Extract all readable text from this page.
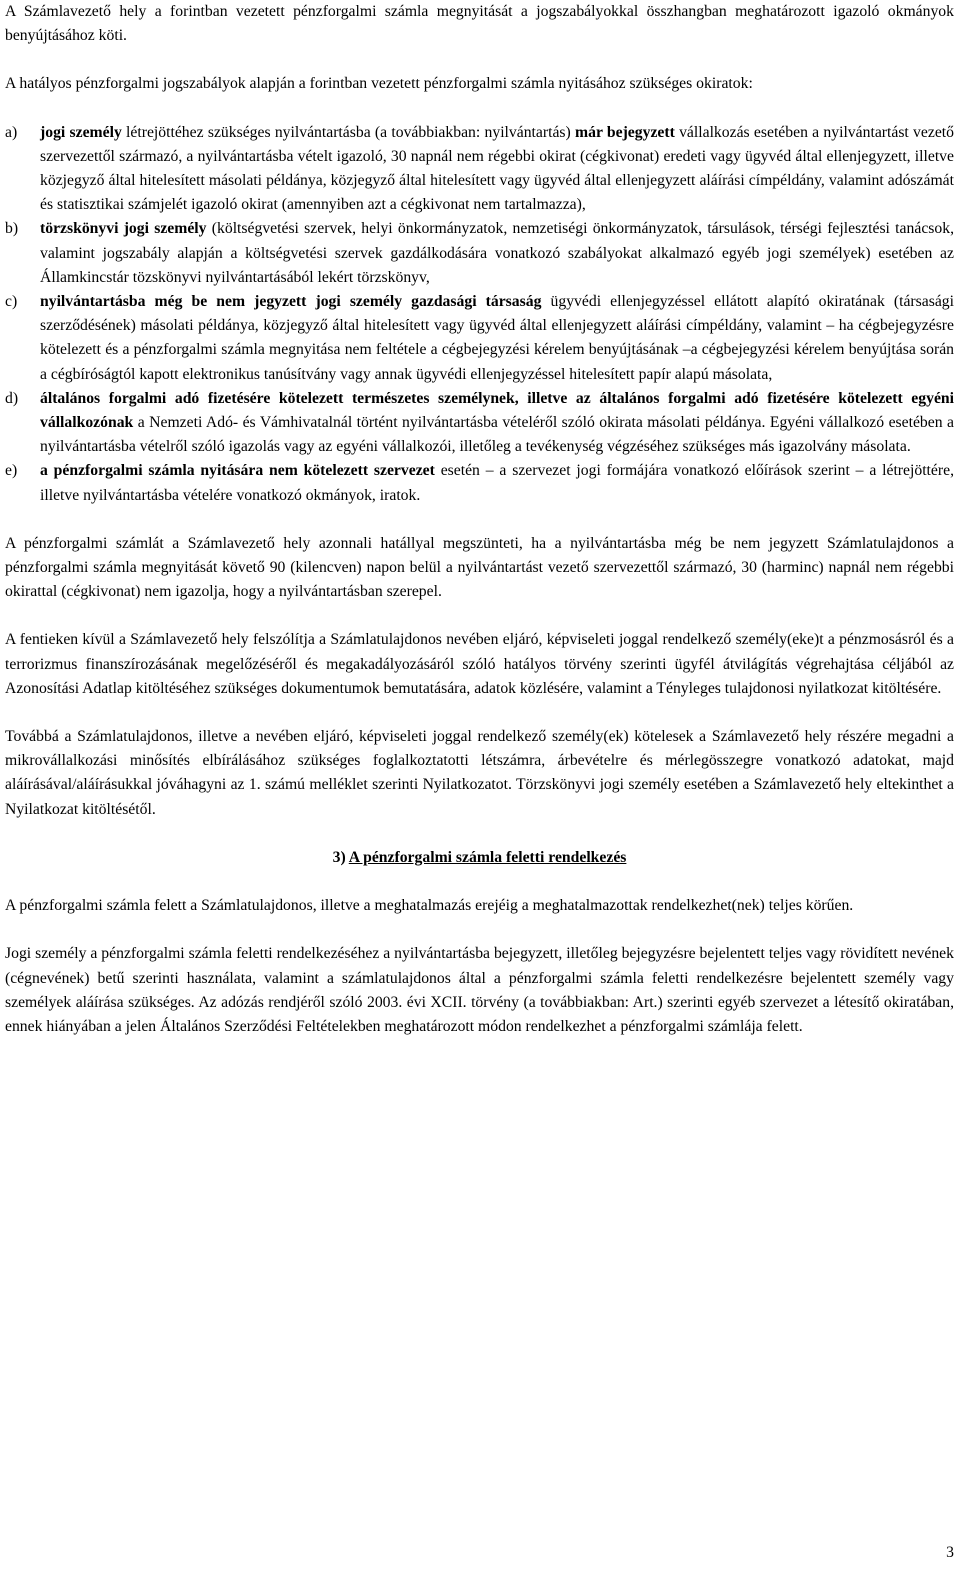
A Számlavezető hely a forintban vezetett pénzforgalmi számla megnyitását a jogszabályokkal összhangban meghatározott igazoló okmányok benyújtásához köti.

A hatályos pénzforgalmi jogszabályok alapján a forintban vezetett pénzforgalmi számla nyitásához szükséges okiratok:

a) jogi személy létrejöttéhez szükséges nyilvántartásba (a továbbiakban: nyilvántartás) már bejegyzett vállalkozás esetében a nyilvántartást vezető szervezettől származó, a nyilvántartásba vételt igazoló, 30 napnál nem régebbi okirat (cégkivonat) eredeti vagy ügyvéd által ellenjegyzett, illetve közjegyző által hitelesített másolati példánya, közjegyző által hitelesített vagy ügyvéd által ellenjegyzett aláírási címpéldány, valamint adószámát és statisztikai számjelét igazoló okirat (amennyiben azt a cégkivonat nem tartalmazza),
b) törzskönyvi jogi személy (költségvetési szervek, helyi önkormányzatok, nemzetiségi önkormányzatok, társulások, térségi fejlesztési tanácsok, valamint jogszabály alapján a költségvetési szervek gazdálkodására vonatkozó szabályokat alkalmazó egyéb jogi személyek) esetében az Államkincstár tözskönyvi nyilvántartásából lekért törzskönyv,
c) nyilvántartásba még be nem jegyzett jogi személy gazdasági társaság ügyvédi ellenjegyzéssel ellátott alapító okiratának (társasági szerződésének) másolati példánya, közjegyző által hitelesített vagy ügyvéd által ellenjegyzett aláírási címpéldány, valamint – ha cégbejegyzésre kötelezett és a pénzforgalmi számla megnyitása nem feltétele a cégbejegyzési kérelem benyújtásának –a cégbejegyzési kérelem benyújtása során a cégbíróságtól kapott elektronikus tanúsítvány vagy annak ügyvédi ellenjegyzéssel hitelesített papír alapú másolata,
d) általános forgalmi adó fizetésére kötelezett természetes személynek, illetve az általános forgalmi adó fizetésére kötelezett egyéni vállalkozónak a Nemzeti Adó- és Vámhivatalnál történt nyilvántartásba vételéről szóló okirata másolati példánya. Egyéni vállalkozó esetében a nyilvántartásba vételről szóló igazolás vagy az egyéni vállalkozói, illetőleg a tevékenység végzéséhez szükséges más igazolvány másolata.
e) a pénzforgalmi számla nyitására nem kötelezett szervezet esetén – a szervezet jogi formájára vonatkozó előírások szerint – a létrejöttére, illetve nyilvántartásba vételére vonatkozó okmányok, iratok.

A pénzforgalmi számlát a Számlavezető hely azonnali hatállyal megszünteti, ha a nyilvántartásba még be nem jegyzett Számlatulajdonos a pénzforgalmi számla megnyitását követő 90 (kilencven) napon belül a nyilvántartást vezető szervezettől származó, 30 (harminc) napnál nem régebbi okirattal (cégkivonat) nem igazolja, hogy a nyilvántartásban szerepel.

A fentieken kívül a Számlavezető hely felszólítja a Számlatulajdonos nevében eljáró, képviseleti joggal rendelkező személy(eke)t a pénzmosásról és a terrorizmus finanszírozásának megelőzéséről és megakadályozásáról szóló hatályos törvény szerinti ügyfél átvilágítás végrehajtása céljából az Azonosítási Adatlap kitöltéséhez szükséges dokumentumok bemutatására, adatok közlésére, valamint a Tényleges tulajdonosi nyilatkozat kitöltésére.

Továbbá a Számlatulajdonos, illetve a nevében eljáró, képviseleti joggal rendelkező személy(ek) kötelesek a Számlavezető hely részére megadni a mikrovállalkozási minősítés elbírálásához szükséges foglalkoztatotti létszámra, árbevételre és mérlegösszegre vonatkozó adatokat, majd aláírásával/aláírásukkal jóváhagyni az 1. számú melléklet szerinti Nyilatkozatot. Törzskönyvi jogi személy esetében a Számlavezető hely eltekinthet a Nyilatkozat kitöltésétől.

3) A pénzforgalmi számla feletti rendelkezés

A pénzforgalmi számla felett a Számlatulajdonos, illetve a meghatalmazás erejéig a meghatalmazottak rendelkezhet(nek) teljes körűen.

Jogi személy a pénzforgalmi számla feletti rendelkezéséhez a nyilvántartásba bejegyzett, illetőleg bejegyzésre bejelentett teljes vagy rövidített nevének (cégnevének) betű szerinti használata, valamint a számlatulajdonos által a pénzforgalmi számla feletti rendelkezésre bejelentett személy vagy személyek aláírása szükséges. Az adózás rendjéről szóló 2003. évi XCII. törvény (a továbbiakban: Art.) szerinti egyéb szervezet a létesítő okiratában, ennek hiányában a jelen Általános Szerződési Feltételekben meghatározott módon rendelkezhet a pénzforgalmi számlája felett.

3
